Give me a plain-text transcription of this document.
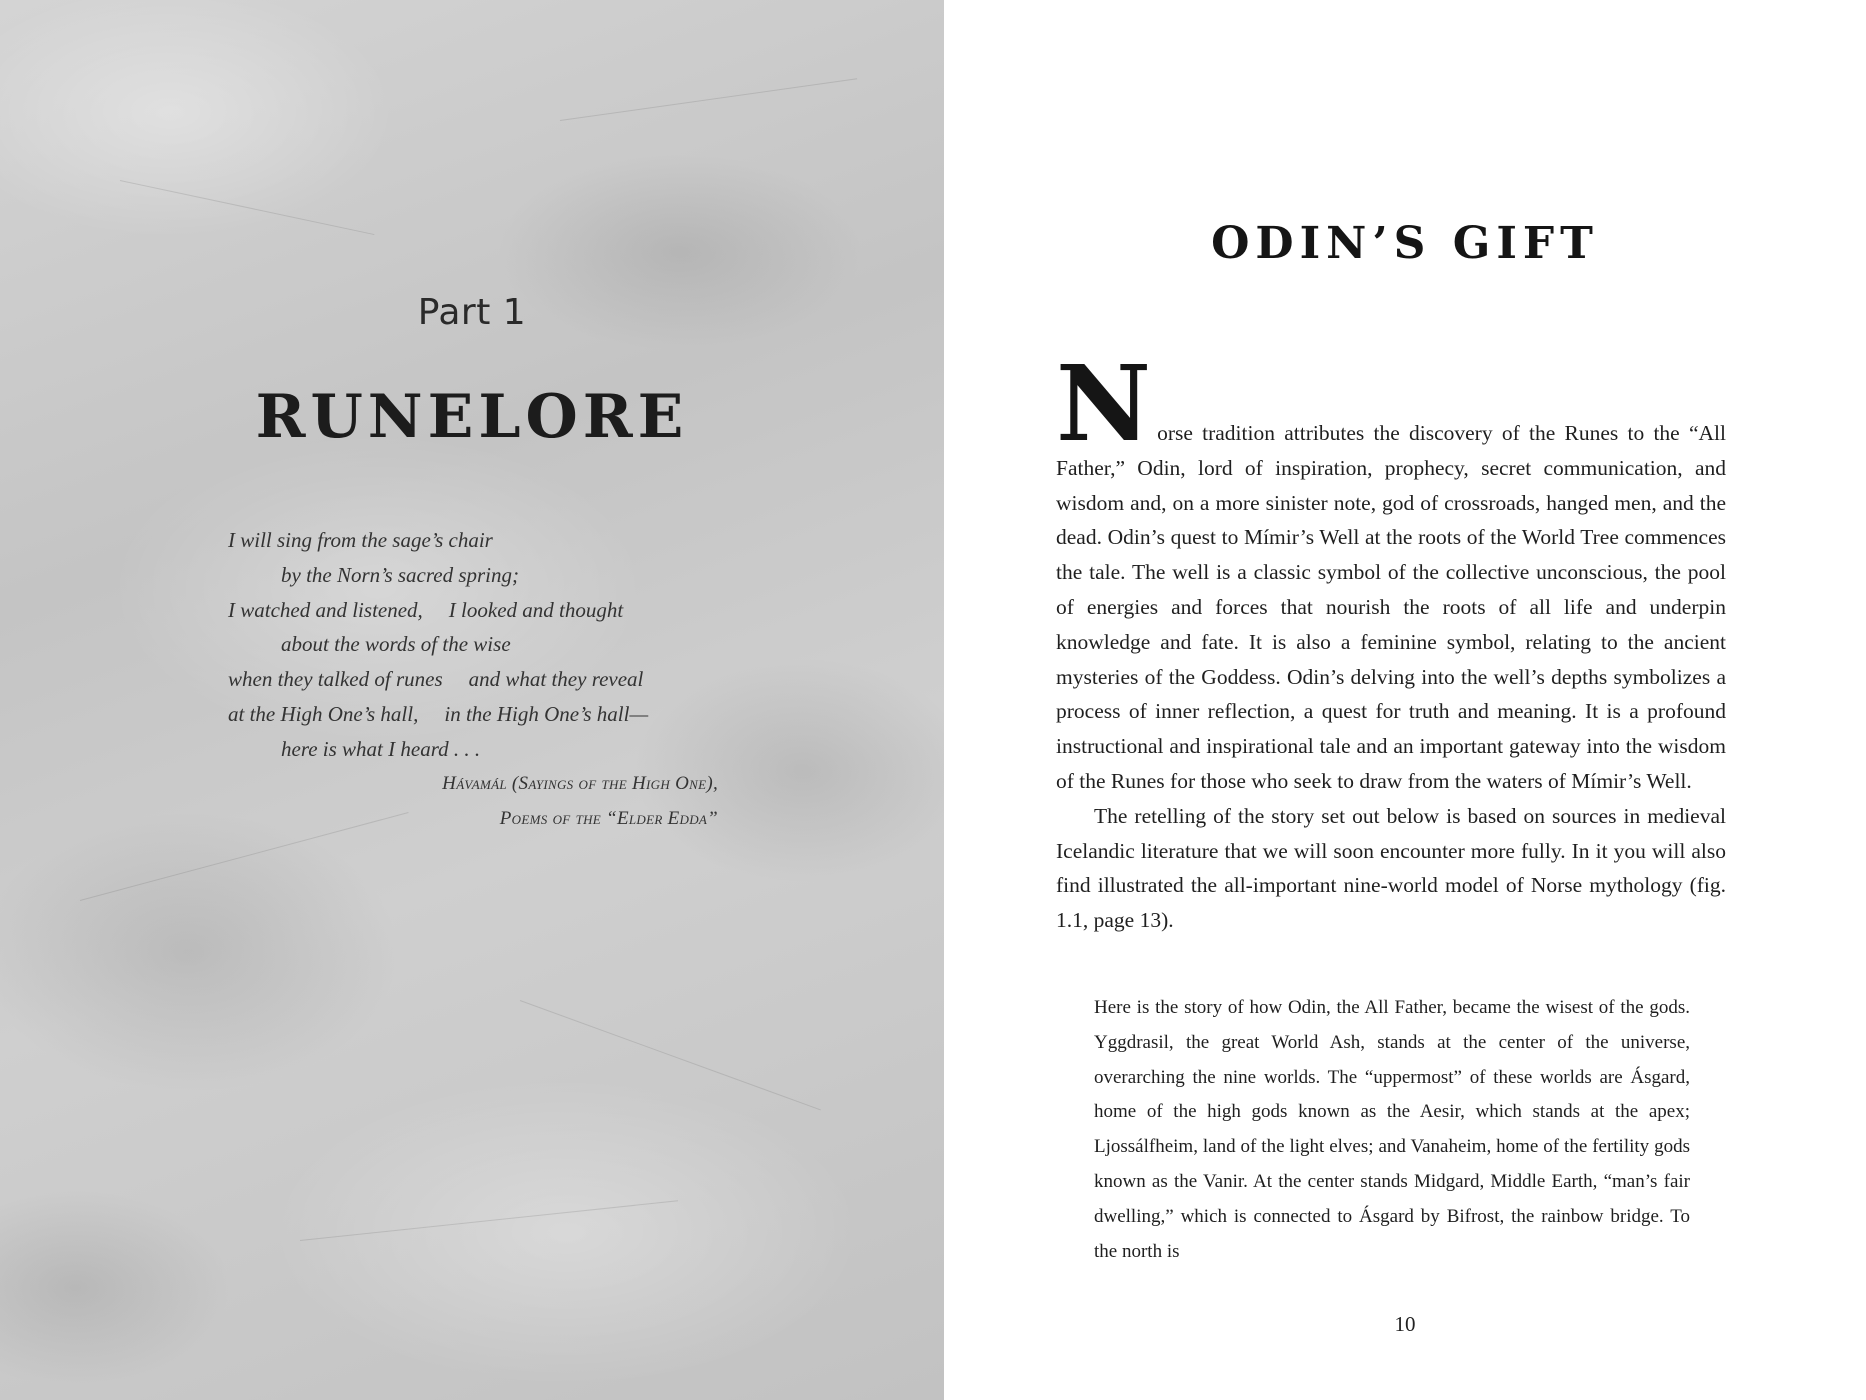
Part 1
RUNELORE
I will sing from the sage’s chair
by the Norn’s sacred spring;
I watched and listened, I looked and thought
about the words of the wise
when they talked of runes and what they reveal
at the High One’s hall, in the High One’s hall—
here is what I heard . . .
Hávamál (Sayings of the High One),
Poems of the “Elder Edda”
ODIN’S GIFT

Norse tradition attributes the discovery of the Runes to the “All Father,” Odin, lord of inspiration, prophecy, secret communication, and wisdom and, on a more sinister note, god of crossroads, hanged men, and the dead. Odin’s quest to Mímir’s Well at the roots of the World Tree commences the tale. The well is a classic symbol of the collective unconscious, the pool of energies and forces that nourish the roots of all life and underpin knowledge and fate. It is also a feminine symbol, relating to the ancient mysteries of the Goddess. Odin’s delving into the well’s depths symbolizes a process of inner reflection, a quest for truth and meaning. It is a profound instructional and inspirational tale and an important gateway into the wisdom of the Runes for those who seek to draw from the waters of Mímir’s Well.

The retelling of the story set out below is based on sources in medieval Icelandic literature that we will soon encounter more fully. In it you will also find illustrated the all-important nine-world model of Norse mythology (fig. 1.1, page 13).

Here is the story of how Odin, the All Father, became the wisest of the gods. Yggdrasil, the great World Ash, stands at the center of the universe, overarching the nine worlds. The “uppermost” of these worlds are Ásgard, home of the high gods known as the Aesir, which stands at the apex; Ljossálfheim, land of the light elves; and Vanaheim, home of the fertility gods known as the Vanir. At the center stands Midgard, Middle Earth, “man’s fair dwelling,” which is connected to Ásgard by Bifrost, the rainbow bridge. To the north is

10
